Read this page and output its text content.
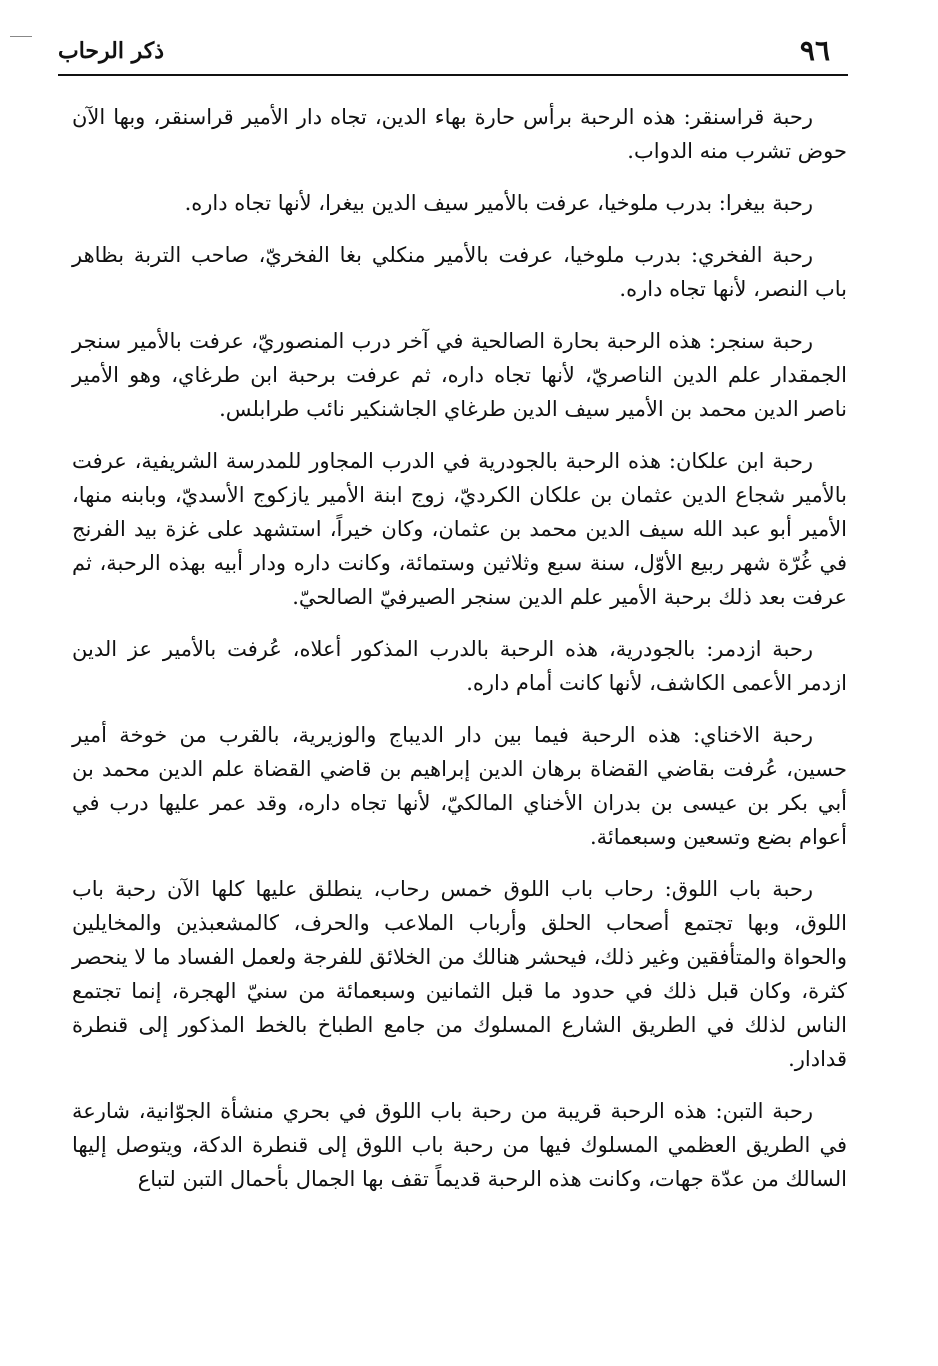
٩٦
ذكر الرحاب

رحبة قراسنقر: هذه الرحبة برأس حارة بهاء الدين، تجاه دار الأمير قراسنقر، وبها الآن حوض تشرب منه الدواب.

رحبة بيغرا: بدرب ملوخيا، عرفت بالأمير سيف الدين بيغرا، لأنها تجاه داره.

رحبة الفخري: بدرب ملوخيا، عرفت بالأمير منكلي بغا الفخريّ، صاحب التربة بظاهر باب النصر، لأنها تجاه داره.

رحبة سنجر: هذه الرحبة بحارة الصالحية في آخر درب المنصوريّ، عرفت بالأمير سنجر الجمقدار علم الدين الناصريّ، لأنها تجاه داره، ثم عرفت برحبة ابن طرغاي، وهو الأمير ناصر الدين محمد بن الأمير سيف الدين طرغاي الجاشنكير نائب طرابلس.

رحبة ابن علكان: هذه الرحبة بالجودرية في الدرب المجاور للمدرسة الشريفية، عرفت بالأمير شجاع الدين عثمان بن علكان الكرديّ، زوج ابنة الأمير يازكوج الأسديّ، وبابنه منها، الأمير أبو عبد الله سيف الدين محمد بن عثمان، وكان خيراً، استشهد على غزة بيد الفرنج في غُرّة شهر ربيع الأوّل، سنة سبع وثلاثين وستمائة، وكانت داره ودار أبيه بهذه الرحبة، ثم عرفت بعد ذلك برحبة الأمير علم الدين سنجر الصيرفيّ الصالحيّ.

رحبة ازدمر: بالجودرية، هذه الرحبة بالدرب المذكور أعلاه، عُرفت بالأمير عز الدين ازدمر الأعمى الكاشف، لأنها كانت أمام داره.

رحبة الاخناي: هذه الرحبة فيما بين دار الديباج والوزيرية، بالقرب من خوخة أمير حسين، عُرفت بقاضي القضاة برهان الدين إبراهيم بن قاضي القضاة علم الدين محمد بن أبي بكر بن عيسى بن بدران الأخناي المالكيّ، لأنها تجاه داره، وقد عمر عليها درب في أعوام بضع وتسعين وسبعمائة.

رحبة باب اللوق: رحاب باب اللوق خمس رحاب، ينطلق عليها كلها الآن رحبة باب اللوق، وبها تجتمع أصحاب الحلق وأرباب الملاعب والحرف، كالمشعبذين والمخايلين والحواة والمتأفقين وغير ذلك، فيحشر هنالك من الخلائق للفرجة ولعمل الفساد ما لا ينحصر كثرة، وكان قبل ذلك في حدود ما قبل الثمانين وسبعمائة من سنيّ الهجرة، إنما تجتمع الناس لذلك في الطريق الشارع المسلوك من جامع الطباخ بالخط المذكور إلى قنطرة قدادار.

رحبة التبن: هذه الرحبة قريبة من رحبة باب اللوق في بحري منشأة الجوّانية، شارعة في الطريق العظمي المسلوك فيها من رحبة باب اللوق إلى قنطرة الدكة، ويتوصل إليها السالك من عدّة جهات، وكانت هذه الرحبة قديماً تقف بها الجمال بأحمال التبن لتباع
